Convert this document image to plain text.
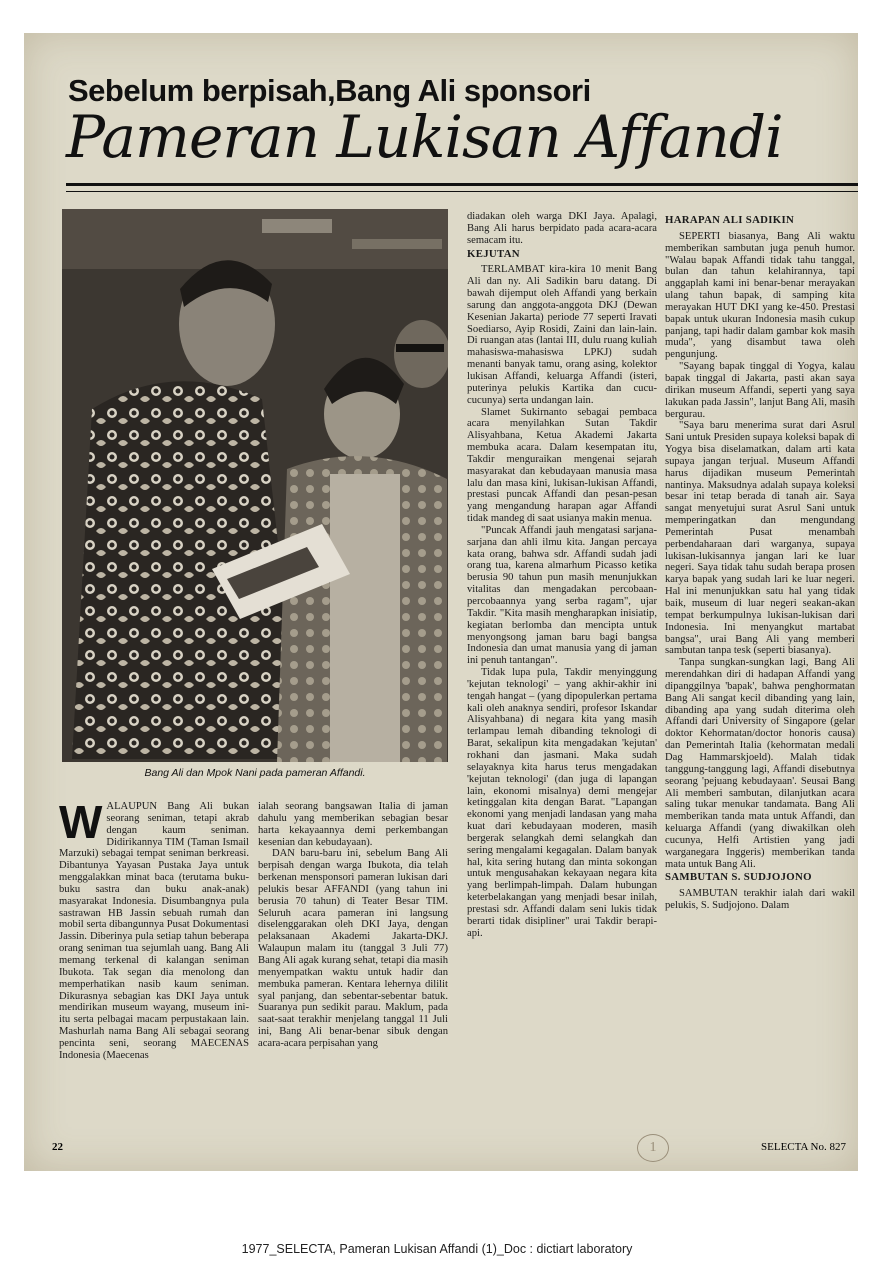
Sebelum berpisah,Bang Ali sponsori
Pameran Lukisan Affandi
Bang Ali dan Mpok Nani pada pameran Affandi.

WALAUPUN Bang Ali bukan seorang seniman, tetapi akrab dengan kaum seniman. Didirikannya TIM (Taman Ismail Marzuki) sebagai tempat seniman berkreasi. Dibantunya Yayasan Pustaka Jaya untuk menggalakkan minat baca (terutama buku-buku sastra dan buku anak-anak) masyarakat Indonesia. Disumbangnya pula sastrawan HB Jassin sebuah rumah dan mobil serta dibangunnya Pusat Dokumentasi Jassin. Diberinya pula setiap tahun beberapa orang seniman tua sejumlah uang. Bang Ali memang terkenal di kalangan seniman Ibukota. Tak segan dia menolong dan memperhatikan nasib kaum seniman. Dikurasnya sebagian kas DKI Jaya untuk mendirikan museum wayang, museum ini-itu serta pelbagai macam perpustakaan lain. Mashurlah nama Bang Ali sebagai seorang pencinta seni, seorang MAECENAS Indonesia (Maecenas

ialah seorang bangsawan Italia di jaman dahulu yang memberikan sebagian besar harta kekayaannya demi perkembangan kesenian dan kebudayaan).

DAN baru-baru ini, sebelum Bang Ali berpisah dengan warga Ibukota, dia telah berkenan mensponsori pameran lukisan dari pelukis besar AFFANDI (yang tahun ini berusia 70 tahun) di Teater Besar TIM. Seluruh acara pameran ini langsung diselenggarakan oleh DKI Jaya, dengan pelaksanaan Akademi Jakarta-DKJ. Walaupun malam itu (tanggal 3 Juli 77) Bang Ali agak kurang sehat, tetapi dia masih menyempatkan waktu untuk hadir dan membuka pameran. Kentara lehernya dililit syal panjang, dan sebentar-sebentar batuk. Suaranya pun sedikit parau. Maklum, pada saat-saat terakhir menjelang tanggal 11 Juli ini, Bang Ali benar-benar sibuk dengan acara-acara perpisahan yang

diadakan oleh warga DKI Jaya. Apalagi, Bang Ali harus berpidato pada acara-acara semacam itu.

KEJUTAN

TERLAMBAT kira-kira 10 menit Bang Ali dan ny. Ali Sadikin baru datang. Di bawah dijemput oleh Affandi yang berkain sarung dan anggota-anggota DKJ (Dewan Kesenian Jakarta) periode 77 seperti Iravati Soediarso, Ayip Rosidi, Zaini dan lain-lain. Di ruangan atas (lantai III, dulu ruang kuliah mahasiswa-mahasiswa LPKJ) sudah menanti banyak tamu, orang asing, kolektor lukisan Affandi, keluarga Affandi (isteri, puterinya pelukis Kartika dan cucu-cucunya) serta undangan lain.

Slamet Sukirnanto sebagai pembaca acara menyilahkan Sutan Takdir Alisyahbana, Ketua Akademi Jakarta membuka acara. Dalam kesempatan itu, Takdir menguraikan mengenai sejarah masyarakat dan kebudayaan manusia masa lalu dan masa kini, lukisan-lukisan Affandi, prestasi puncak Affandi dan pesan-pesan yang mengandung harapan agar Affandi tidak mandeg di saat usianya makin menua.

"Puncak Affandi jauh mengatasi sarjana-sarjana dan ahli ilmu kita. Jangan percaya kata orang, bahwa sdr. Affandi sudah jadi orang tua, karena almarhum Picasso ketika berusia 90 tahun pun masih menunjukkan vitalitas dan mengadakan percobaan-percobaannya yang serba ragam", ujar Takdir. "Kita masih mengharapkan inisiatip, kegiatan berlomba dan mencipta untuk menyongsong jaman baru bagi bangsa Indonesia dan umat manusia yang di jaman ini penuh tantangan".

Tidak lupa pula, Takdir menyinggung 'kejutan teknologi' – yang akhir-akhir ini tengah hangat – (yang dipopulerkan pertama kali oleh anaknya sendiri, profesor Iskandar Alisyahbana) di negara kita yang masih terlampau lemah dibanding teknologi di Barat, sekalipun kita mengadakan 'kejutan' rokhani dan jasmani. Maka sudah selayaknya kita harus terus mengadakan 'kejutan teknologi' (dan juga di lapangan lain, ekonomi misalnya) demi mengejar ketinggalan kita dengan Barat. "Lapangan ekonomi yang menjadi landasan yang maha kuat dari kebudayaan moderen, masih bergerak selangkah demi selangkah dan sering mengalami kegagalan. Dalam banyak hal, kita sering hutang dan minta sokongan untuk mengusahakan kekayaan negara kita yang berlimpah-limpah. Dalam hubungan keterbelakangan yang menjadi besar inilah, prestasi sdr. Affandi dalam seni lukis tidak berarti tidak disipliner" urai Takdir berapi-api.

HARAPAN ALI SADIKIN

SEPERTI biasanya, Bang Ali waktu memberikan sambutan juga penuh humor. "Walau bapak Affandi tidak tahu tanggal, bulan dan tahun kelahirannya, tapi anggaplah kami ini benar-benar merayakan ulang tahun bapak, di samping kita merayakan HUT DKI yang ke-450. Prestasi bapak untuk ukuran Indonesia masih cukup panjang, tapi hadir dalam gambar kok masih muda", yang disambut tawa oleh pengunjung.

"Sayang bapak tinggal di Yogya, kalau bapak tinggal di Jakarta, pasti akan saya dirikan museum Affandi, seperti yang saya lakukan pada Jassin", lanjut Bang Ali, masih bergurau.

"Saya baru menerima surat dari Asrul Sani untuk Presiden supaya koleksi bapak di Yogya bisa diselamatkan, dalam arti kata supaya jangan terjual. Museum Affandi harus dijadikan museum Pemerintah nantinya. Maksudnya adalah supaya koleksi besar ini tetap berada di tanah air. Saya sangat menyetujui surat Asrul Sani untuk memperingatkan dan mengundang Pemerintah Pusat menambah perbendaharaan dari warganya, supaya lukisan-lukisannya jangan lari ke luar negeri. Saya tidak tahu sudah berapa prosen karya bapak yang sudah lari ke luar negeri. Hal ini menunjukkan satu hal yang tidak baik, museum di luar negeri seakan-akan tempat berkumpulnya lukisan-lukisan dari Indonesia. Ini menyangkut martabat bangsa", urai Bang Ali yang memberi sambutan tanpa tesk (seperti biasanya).

Tanpa sungkan-sungkan lagi, Bang Ali merendahkan diri di hadapan Affandi yang dipanggilnya 'bapak', bahwa penghormatan Bang Ali sangat kecil dibanding yang lain, dibanding apa yang sudah diterima oleh Affandi dari University of Singapore (gelar doktor Kehormatan/doctor honoris causa) dan Pemerintah Italia (kehormatan medali Dag Hammarskjoeld). Malah tidak tanggung-tanggung lagi, Affandi disebutnya seorang 'pejuang kebudayaan'. Seusai Bang Ali memberi sambutan, dilanjutkan acara saling tukar menukar tandamata. Bang Ali memberikan tanda mata untuk Affandi, dan keluarga Affandi (yang diwakilkan oleh cucunya, Helfi Artistien yang jadi warganegara Inggeris) memberikan tanda mata untuk Bang Ali.

SAMBUTAN S. SUDJOJONO

SAMBUTAN terakhir ialah dari wakil pelukis, S. Sudjojono. Dalam

22	1	SELECTA No. 827
1977_SELECTA, Pameran Lukisan Affandi (1)_Doc : dictiart laboratory
